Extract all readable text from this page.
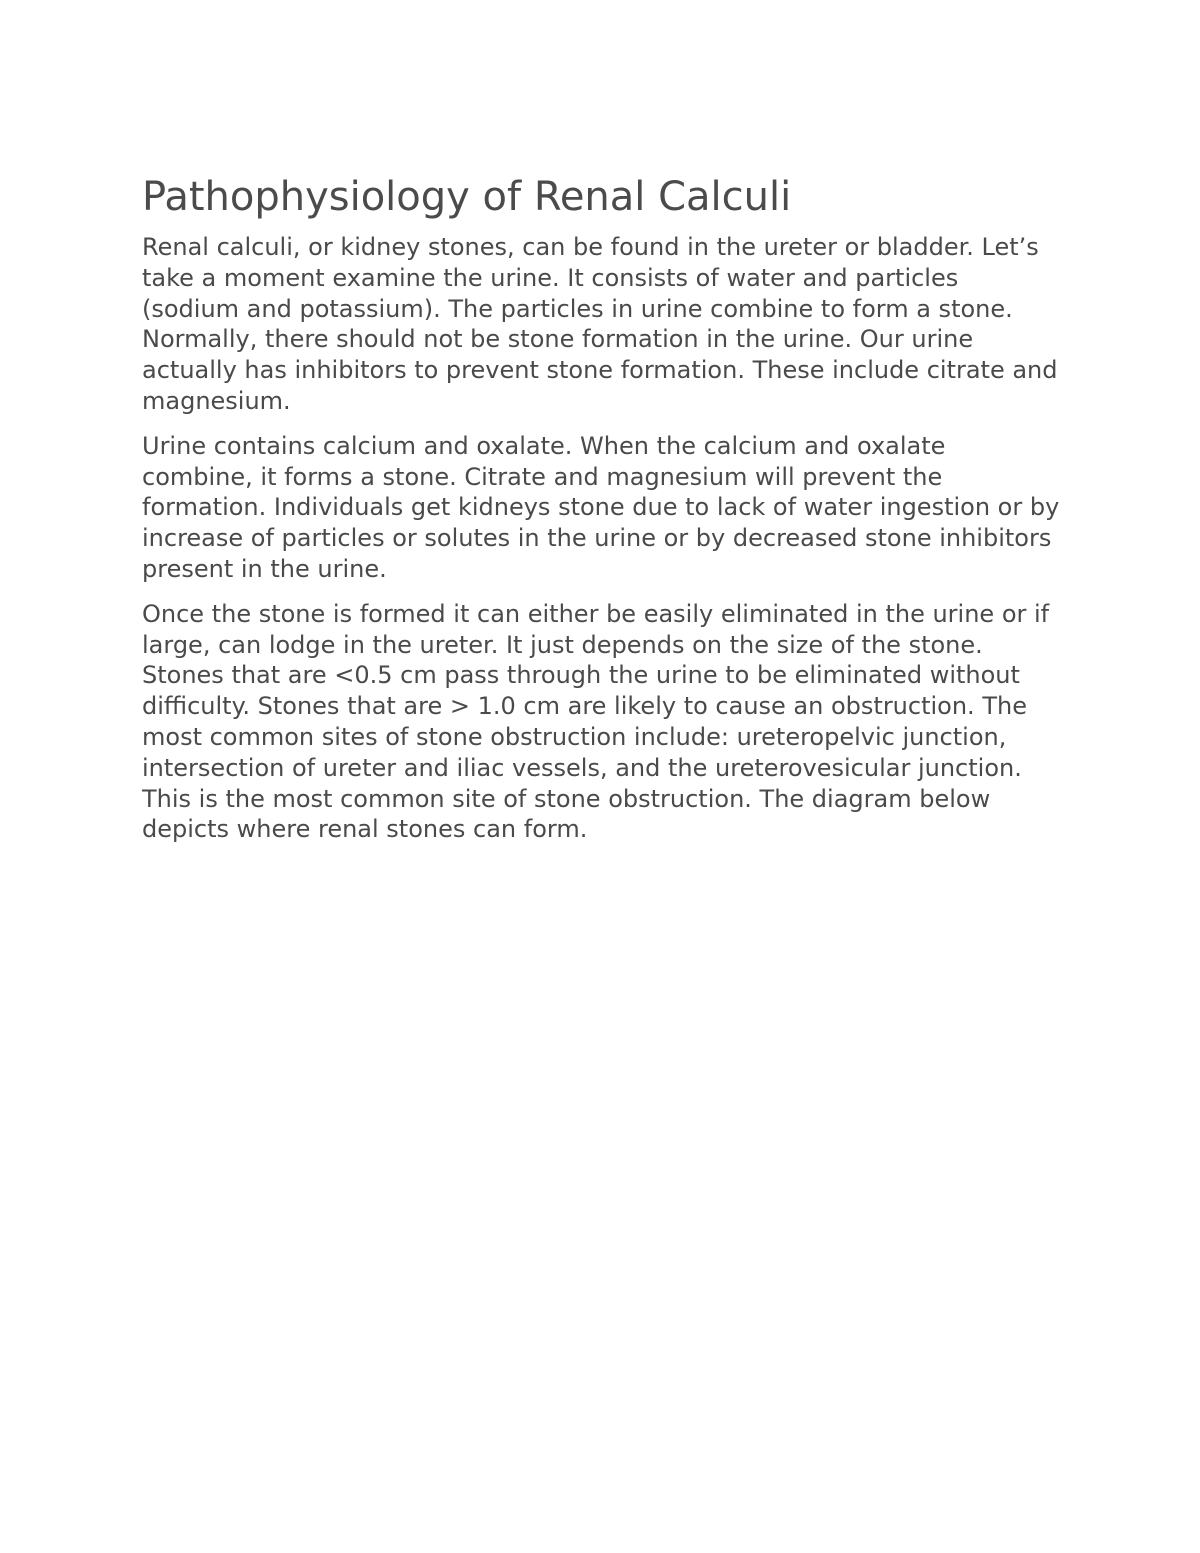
Pathophysiology of Renal Calculi

Renal calculi, or kidney stones, can be found in the ureter or bladder. Let’s take a moment examine the urine. It consists of water and particles (sodium and potassium). The particles in urine combine to form a stone. Normally, there should not be stone formation in the urine. Our urine actually has inhibitors to prevent stone formation. These include citrate and magnesium.

Urine contains calcium and oxalate. When the calcium and oxalate combine, it forms a stone. Citrate and magnesium will prevent the formation. Individuals get kidneys stone due to lack of water ingestion or by increase of particles or solutes in the urine or by decreased stone inhibitors present in the urine.

Once the stone is formed it can either be easily eliminated in the urine or if large, can lodge in the ureter. It just depends on the size of the stone. Stones that are <0.5 cm pass through the urine to be eliminated without difficulty. Stones that are > 1.0 cm are likely to cause an obstruction. The most common sites of stone obstruction include: ureteropelvic junction, intersection of ureter and iliac vessels, and the ureterovesicular junction. This is the most common site of stone obstruction. The diagram below depicts where renal stones can form.
